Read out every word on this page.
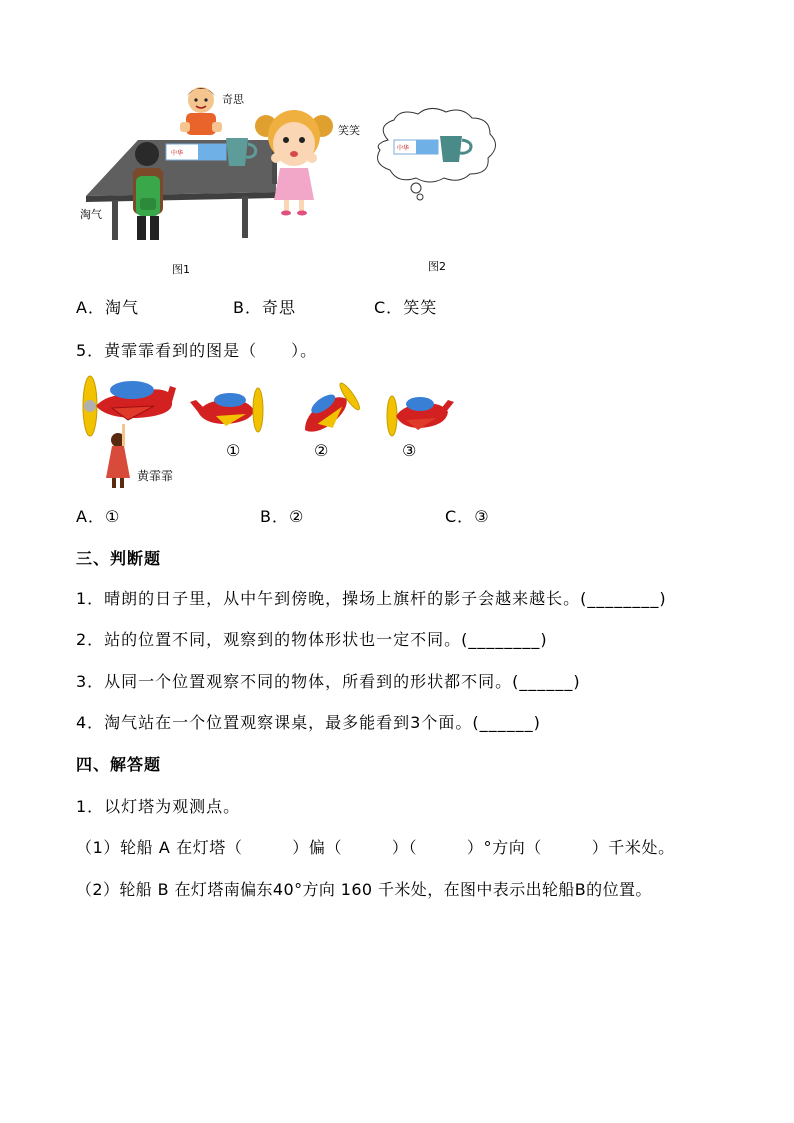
中华
奇思
笑笑
淘气
中华
图1	图2
A．淘气	B．奇思	C．笑笑
5．黄霏霏看到的图是（　　）。
黄霏霏
①	②	③
A．①	B．②	C．③
三、判断题
1．晴朗的日子里，从中午到傍晚，操场上旗杆的影子会越来越长。(________)
2．站的位置不同，观察到的物体形状也一定不同。(________)
3．从同一个位置观察不同的物体，所看到的形状都不同。(______)
4．淘气站在一个位置观察课桌，最多能看到3个面。(______)
四、解答题
1．以灯塔为观测点。
（1）轮船 A 在灯塔（　　　）偏（　　　）（　　　）°方向（　　　）千米处。
（2）轮船 B 在灯塔南偏东40°方向 160 千米处，在图中表示出轮船B的位置。
